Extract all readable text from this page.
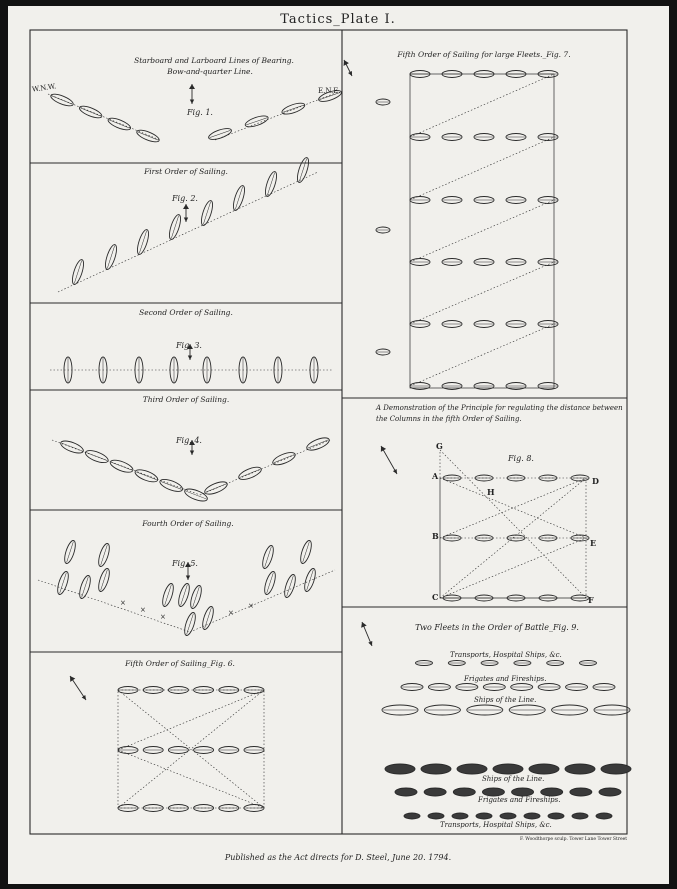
×
×
×	×
×
Tactics_Plate I.
Published as the Act directs for D. Steel, June 20. 1794.
F. Woodthorpe sculp. Tower Lane Tower Street
Starboard and Larboard Lines of Bearing.
Bow-and-quarter Line.
Fig. 1.
W.N.W.	E.N.E.
First Order of Sailing.
Fig. 2.
Second Order of Sailing.
Fig. 3.
Third Order of Sailing.
Fig. 4.
Fourth Order of Sailing.
Fig. 5.
Fifth Order of Sailing_Fig. 6.
Fifth Order of Sailing for large Fleets._Fig. 7.
A Demonstration of the Principle for regulating the distance between
the Columns in the fifth Order of Sailing.
Fig. 8.
G
A
H
D
B
E
C	F
Two Fleets in the Order of Battle_Fig. 9.
Transports, Hospital Ships, &c.
Frigates and Fireships.
Ships of the Line.
Ships of the Line.
Frigates and Fireships.
Transports, Hospital Ships, &c.
